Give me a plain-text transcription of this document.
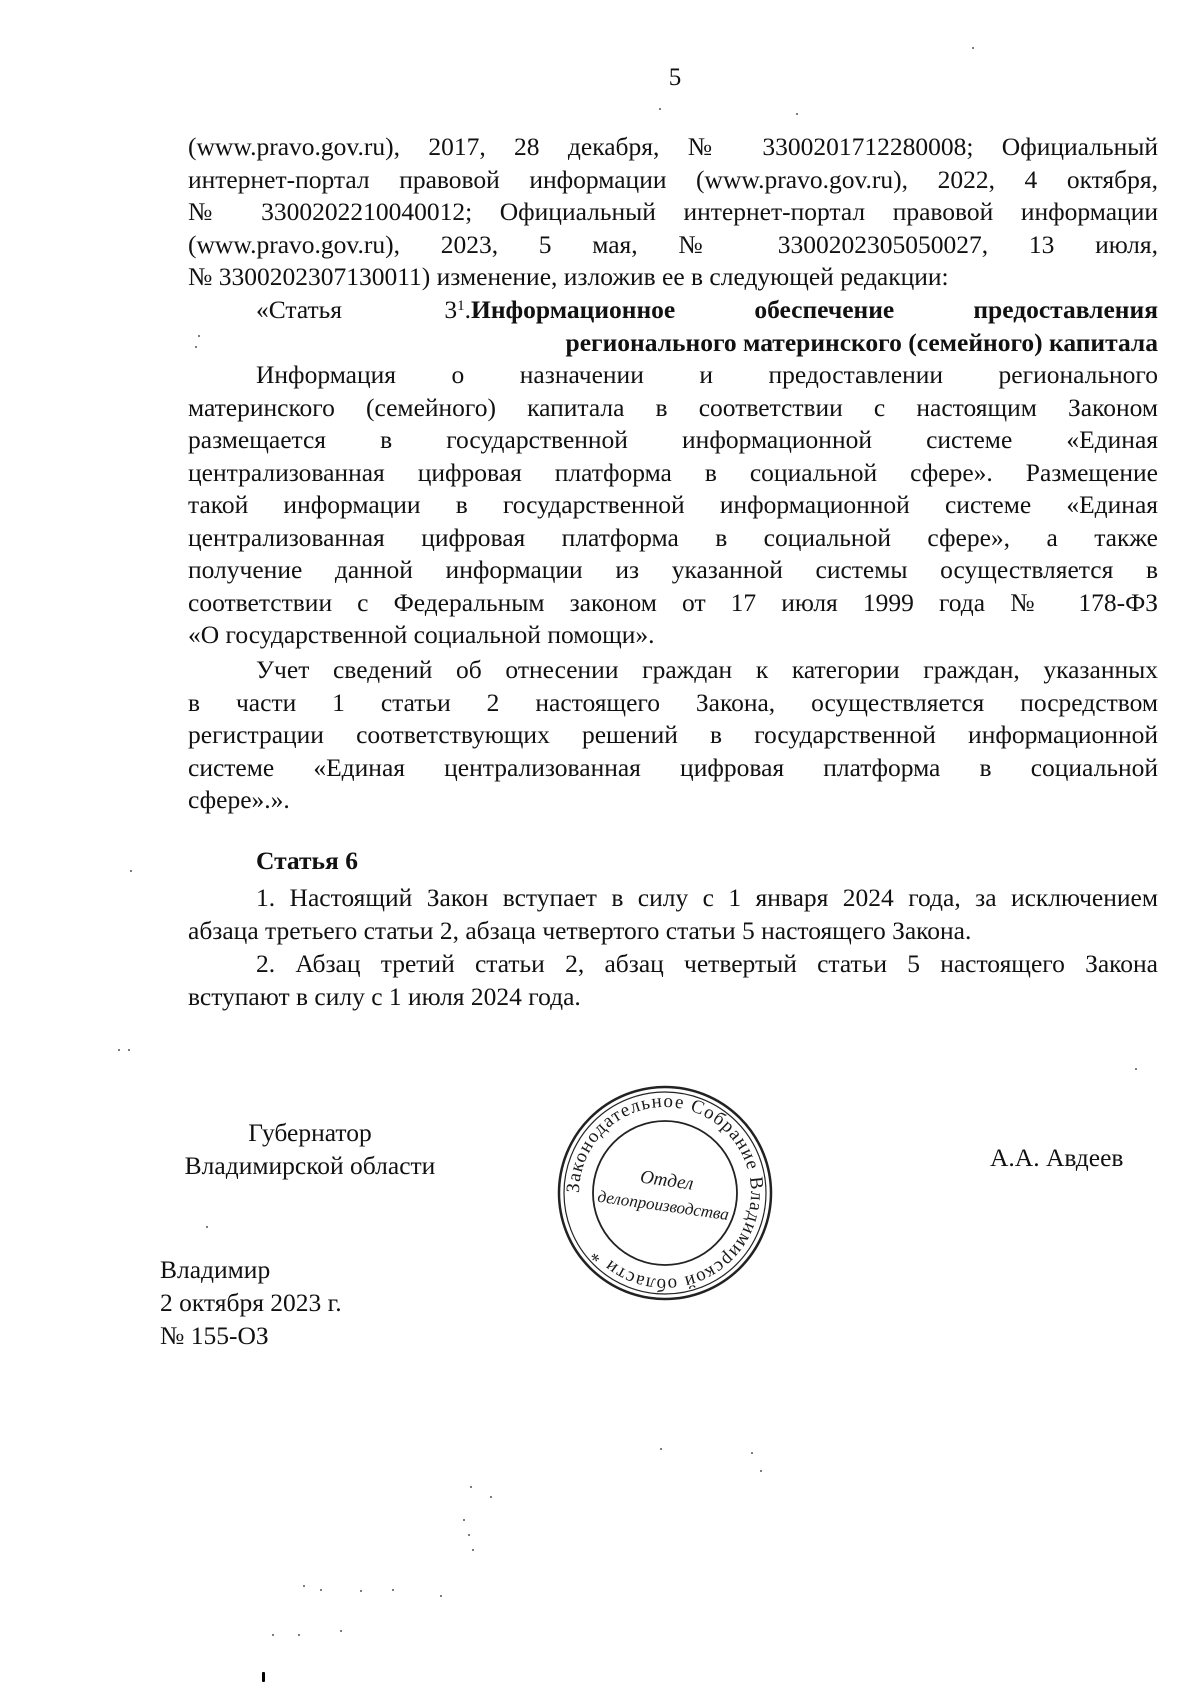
5
(www.pravo.gov.ru), 2017, 28 декабря, № 3300201712280008; Официальный
интернет-портал правовой информации (www.pravo.gov.ru), 2022, 4 октября,
№ 3300202210040012; Официальный интернет-портал правовой информации
(www.pravo.gov.ru), 2023, 5 мая, № 3300202305050027, 13 июля,
№ 3300202307130011) изменение, изложив ее в следующей редакции:
«Статья	$3^1$. Информационное обеспечение предоставления
регионального материнского (семейного) капитала
Информация о назначении и предоставлении регионального
материнского (семейного) капитала в соответствии с настоящим Законом
размещается в государственной информационной системе «Единая
централизованная цифровая платформа в социальной сфере». Размещение
такой информации в государственной информационной системе «Единая
централизованная цифровая платформа в социальной сфере», а также
получение данной информации из указанной системы осуществляется в
соответствии с Федеральным законом от 17 июля 1999 года № 178-ФЗ
«О государственной социальной помощи».
Учет сведений об отнесении граждан к категории граждан, указанных
в части 1 статьи 2 настоящего Закона, осуществляется посредством
регистрации соответствующих решений в государственной информационной
системе «Единая централизованная цифровая платформа в социальной
сфере».».
Статья 6
1. Настоящий Закон вступает в силу с 1 января 2024 года, за исключением
абзаца третьего статьи 2, абзаца четвертого статьи 5 настоящего Закона.
2. Абзац третий статьи 2, абзац четвертый статьи 5 настоящего Закона
вступают в силу с 1 июля 2024 года.
Губернатор
Владимирской области	А.А. Авдеев
Законодательное Собрание Владимирской области *
Отдел
делопроизводства
Владимир
2 октября 2023 г.
№ 155-ОЗ
